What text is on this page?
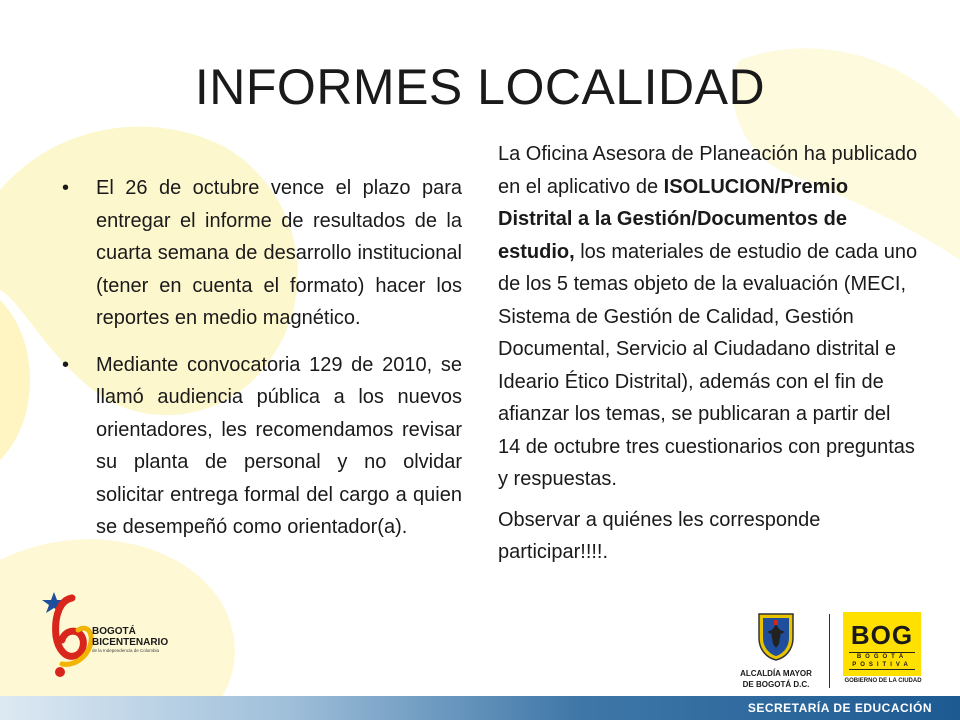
INFORMES LOCALIDAD
• El 26 de octubre vence el plazo para entregar el informe de resultados de la cuarta semana de desarrollo institucional (tener en cuenta el formato) hacer los reportes en medio magnético.
• Mediante convocatoria 129 de 2010, se llamó audiencia pública a los nuevos orientadores, les recomendamos revisar su planta de personal y no olvidar solicitar entrega formal del cargo a quien se desempeñó como orientador(a).

La Oficina Asesora de Planeación ha publicado en el aplicativo de ISOLUCION/Premio Distrital a la Gestión/Documentos de estudio, los materiales de estudio de cada uno de los 5 temas objeto de la evaluación (MECI, Sistema de Gestión de Calidad, Gestión Documental, Servicio al Ciudadano distrital e Ideario Ético Distrital), además con el fin de afianzar los temas, se publicaran a partir del 14 de octubre tres cuestionarios con preguntas y respuestas.

Observar a quiénes les corresponde participar!!!!.

BOGOTÁ
BICENTENARIO
de la Independencia de Colombia
ALCALDÍA MAYOR
DE BOGOTÁ D.C.
BOG
BOGOTÁ POSITIVA
GOBIERNO DE LA CIUDAD
SECRETARÍA DE EDUCACIÓN
